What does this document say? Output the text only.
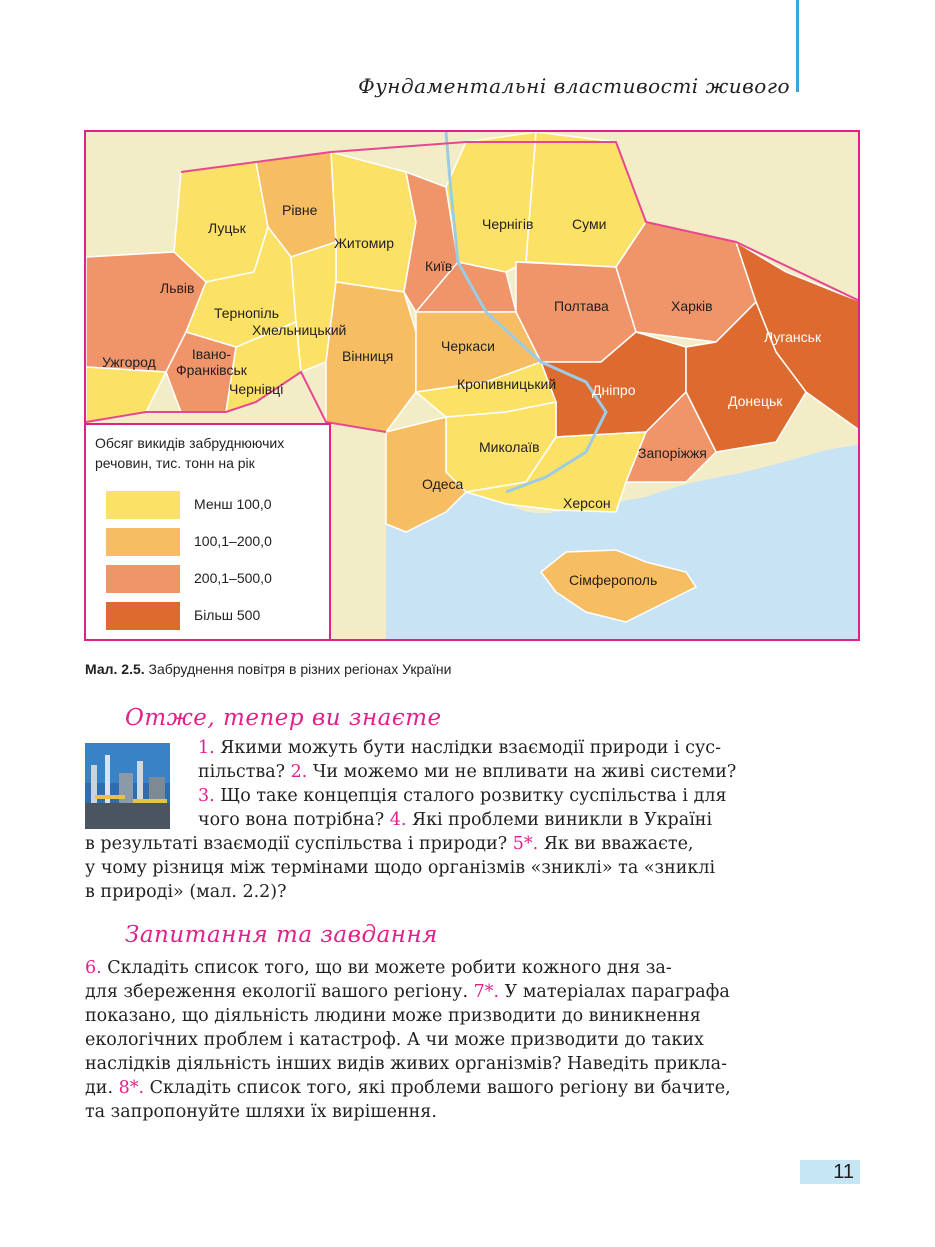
Фундаментальні властивості живого
Луцьк
Рівне
Житомир
Київ
Чернігів	Суми
Львів
Тернопіль
Хмельницький
Ужгород	Івано-
Франківськ
Чернівці
Вінниця
Черкаси
Полтава	Харків
Луганськ
Кропивницький	Дніпро
Донецьк
Миколаїв	Запоріжжя
Одеса
Херсон
Сімферополь
Обсяг викидів забруднюючих речовин, тис. тонн на рік
Менш 100,0
100,1–200,0
200,1–500,0
Більш 500
Мал. 2.5. Забруднення повітря в різних регіонах України
Отже, тепер ви знаєте
1. Якими можуть бути наслідки взаємодії природи і сус-
пільства? 2. Чи можемо ми не впливати на живі системи?
3. Що таке концепція сталого розвитку суспільства і для
чого вона потрібна? 4. Які проблеми виникли в Україні
в результаті взаємодії суспільства і природи? 5*. Як ви вважаєте,
у чому різниця між термінами щодо організмів «зниклі» та «зниклі
в природі» (мал. 2.2)?
Запитання та завдання
6. Складіть список того, що ви можете робити кожного дня за-
для збереження екології вашого регіону. 7*. У матеріалах параграфа
показано, що діяльність людини може призводити до виникнення
екологічних проблем і катастроф. А чи може призводити до таких
наслідків діяльність інших видів живих організмів? Наведіть прикла-
ди. 8*. Складіть список того, які проблеми вашого регіону ви бачите,
та запропонуйте шляхи їх вирішення.
11
